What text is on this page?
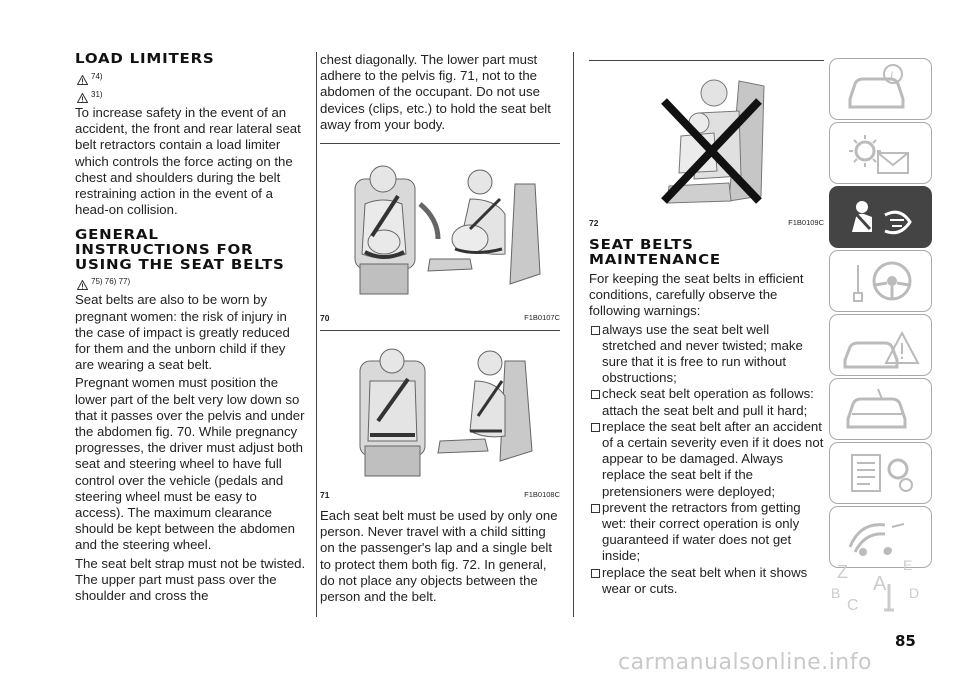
LOAD LIMITERS
74)
31)

To increase safety in the event of an accident, the front and rear lateral seat belt retractors contain a load limiter which controls the force acting on the chest and shoulders during the belt restraining action in the event of a head-on collision.

GENERAL
INSTRUCTIONS FOR
USING THE SEAT BELTS
75) 76) 77)

Seat belts are also to be worn by pregnant women: the risk of injury in the case of impact is greatly reduced for them and the unborn child if they are wearing a seat belt.

Pregnant women must position the lower part of the belt very low down so that it passes over the pelvis and under the abdomen fig. 70. While pregnancy progresses, the driver must adjust both seat and steering wheel to have full control over the vehicle (pedals and steering wheel must be easy to access). The maximum clearance should be kept between the abdomen and the steering wheel.

The seat belt strap must not be twisted. The upper part must pass over the shoulder and cross the

chest diagonally. The lower part must adhere to the pelvis fig. 71, not to the abdomen of the occupant. Do not use devices (clips, etc.) to hold the seat belt away from your body.

70	F1B0107C
71	F1B0108C

Each seat belt must be used by only one person. Never travel with a child sitting on the passenger's lap and a single belt to protect them both fig. 72. In general, do not place any objects between the person and the belt.

72	F1B0109C
SEAT BELTS
MAINTENANCE

For keeping the seat belts in efficient conditions, carefully observe the following warnings:

always use the seat belt well stretched and never twisted; make sure that it is free to run without obstructions;
check seat belt operation as follows: attach the seat belt and pull it hard;
replace the seat belt after an accident of a certain severity even if it does not appear to be damaged. Always replace the seat belt if the pretensioners were deployed;
prevent the retractors from getting wet: their correct operation is only guaranteed if water does not get inside;
replace the seat belt when it shows wear or cuts.
i
Z	E
B A
C
D
85
carmanualsonline.info
